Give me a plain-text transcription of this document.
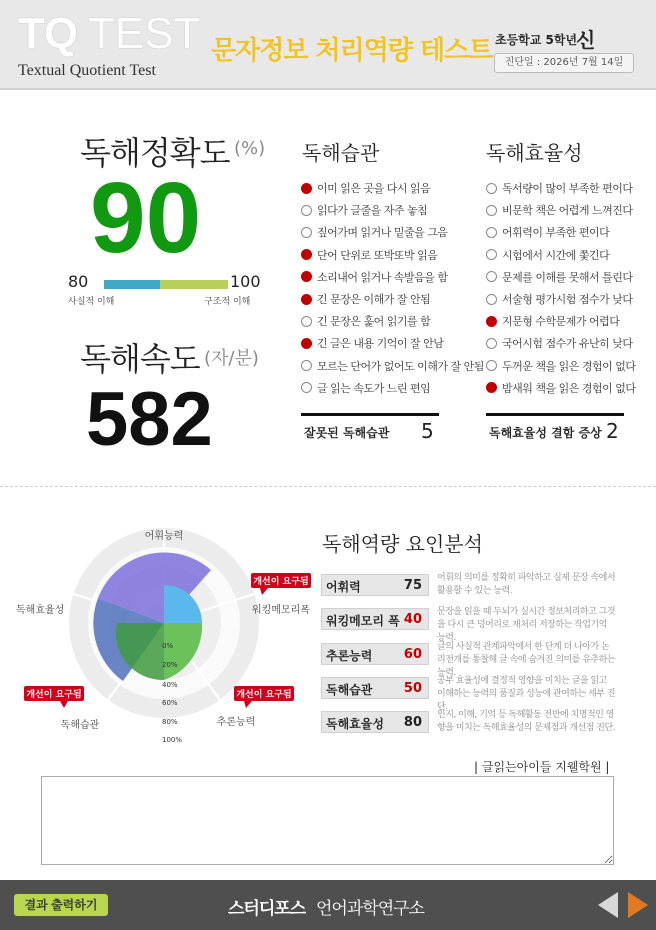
TQ TEST
Textual Quotient Test
문자정보 처리역량 테스트 초등학교 5학년
신
진단일 : 2026년 7월 14일
독해정확도 (%)
90
80	100
사실적 이해	구조적 이해
독해속도 (자/분)
582
독해습관
이미 읽은 곳을 다시 읽음
읽다가 글줄을 자주 놓침
짚어가며 읽거나 밑줄을 그음
단어 단위로 또박또박 읽음
소리내어 읽거나 속발음을 함
긴 문장은 이해가 잘 안됨
긴 문장은 훑어 읽기를 함
긴 글은 내용 기억이 잘 안남
모르는 단어가 없어도 이해가 잘 안됨
글 읽는 속도가 느린 편임
잘못된 독해습관 5
독해효율성
독서량이 많이 부족한 편이다
비문학 책은 어렵게 느껴진다
어휘력이 부족한 편이다
시험에서 시간에 쫓긴다
문제를 이해를 못해서 틀린다
서술형 평가시험 점수가 낮다
지문형 수학문제가 어렵다
국어시험 점수가 유난히 낮다
두꺼운 책을 읽은 경험이 없다
밤새워 책을 읽은 경험이 없다
독해효율성 결함 증상 2
어휘능력
워킹메모리폭
추론능력
독해습관
독해효율성
0%
20%
40%
60%
80%
100%
개선이 요구됨
개선이 요구됨
개선이 요구됨
독해역량 요인분석
어휘력	75 어휘의 의미를 정확히 파악하고 실제 문장 속에서 활용할 수 있는 능력.
워킹메모리 폭 40 문장을 읽을 때 두뇌가 실시간 정보처리하고 그것을 다시 큰 덩어리로 재처리 저장하는 작업기억 능력.
추론능력 60 글의 사실적 관계파악에서 한 단계 더 나아가 논리전개를 통찰해 글 속에 숨겨진 의미를 유추하는 능력.
독해습관 50 공부 효율성에 결정적 영향을 미치는 글을 읽고 이해하는 능력의 품질과 성능에 관여하는 세부 진단.
독해효율성 80 인지, 이해, 기억 등 독해활동 전반에 치명적인 영향을 미치는 독해효율성의 문제점과 개선점 진단.
| 글읽는아이들 지웰학원 |
결과 출력하기	스터디포스 언어과학연구소
